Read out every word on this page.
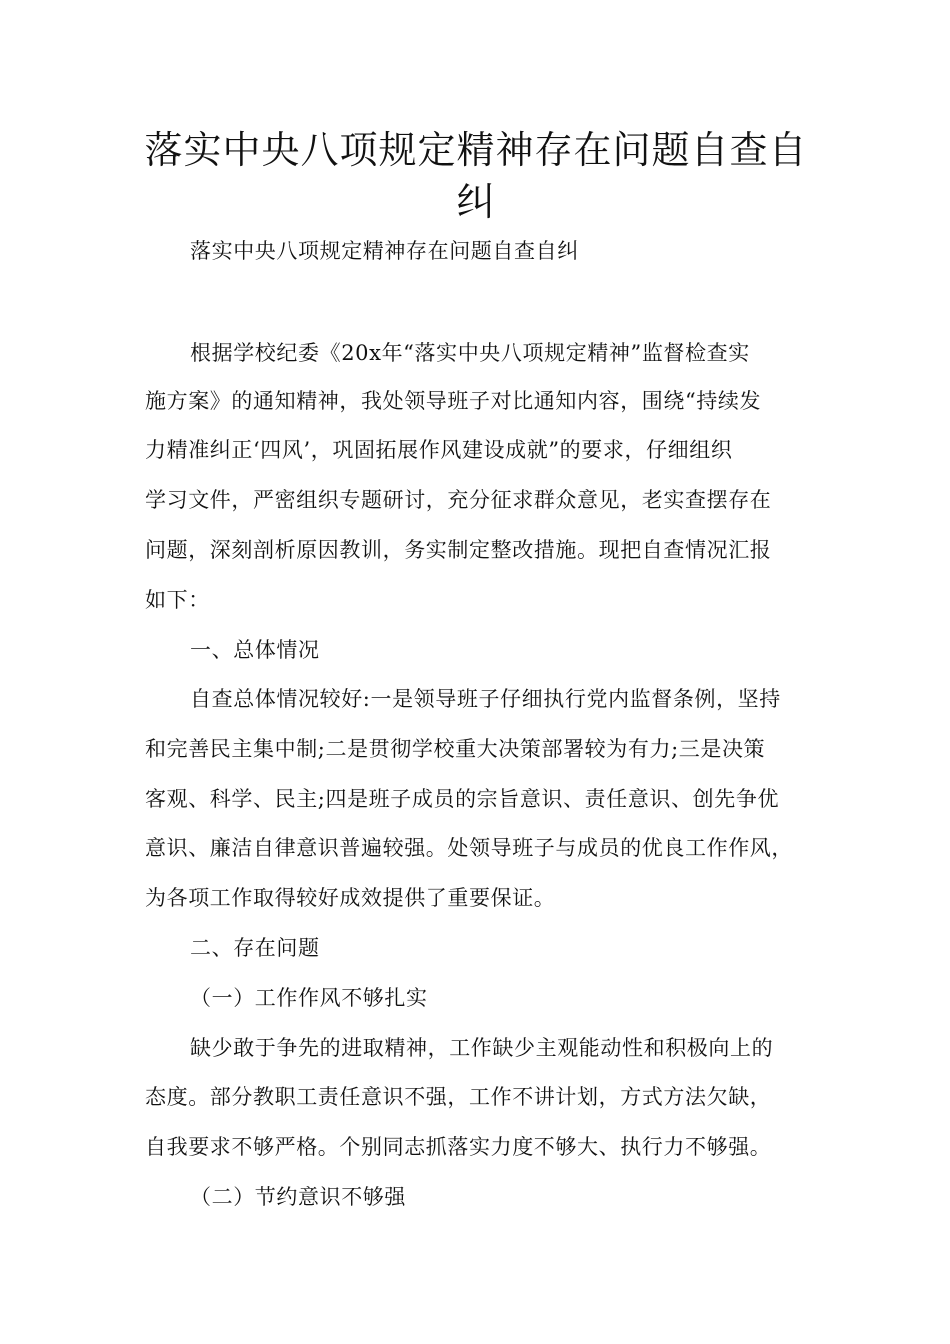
落实中央八项规定精神存在问题自查自纠
落实中央八项规定精神存在问题自查自纠
根据学校纪委《20x年“落实中央八项规定精神”监督检查实
施方案》的通知精神，我处领导班子对比通知内容，围绕“持续发
力精准纠正‘四风’，巩固拓展作风建设成就”的要求，仔细组织
学习文件，严密组织专题研讨，充分征求群众意见，老实查摆存在
问题，深刻剖析原因教训，务实制定整改措施。现把自查情况汇报
如下：
一、总体情况
自查总体情况较好:一是领导班子仔细执行党内监督条例，坚持
和完善民主集中制;二是贯彻学校重大决策部署较为有力;三是决策
客观、科学、民主;四是班子成员的宗旨意识、责任意识、创先争优
意识、廉洁自律意识普遍较强。处领导班子与成员的优良工作作风，
为各项工作取得较好成效提供了重要保证。
二、存在问题
（一）工作作风不够扎实
缺少敢于争先的进取精神，工作缺少主观能动性和积极向上的
态度。部分教职工责任意识不强，工作不讲计划，方式方法欠缺，
自我要求不够严格。个别同志抓落实力度不够大、执行力不够强。
（二）节约意识不够强
